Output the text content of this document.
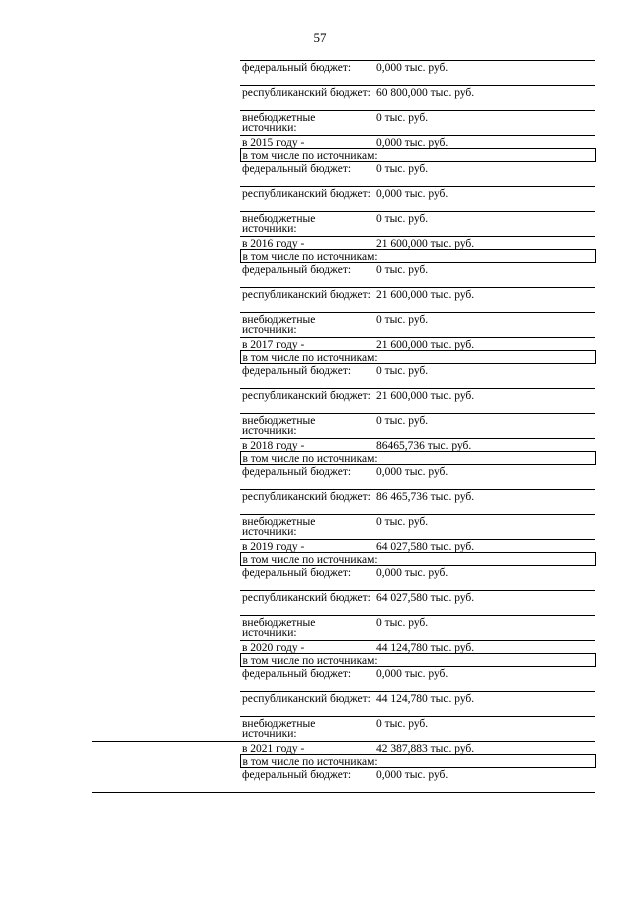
57
	федеральный бюджет:	0,000 тыс. руб.
	республиканский бюджет:	60 800,000 тыс. руб.
	внебюджетные источники:	0 тыс. руб.
	в 2015 году -	0,000 тыс. руб.
	в том числе по источникам:	
	федеральный бюджет:	0 тыс. руб.
	республиканский бюджет:	0,000 тыс. руб.
	внебюджетные источники:	0 тыс. руб.
	в 2016 году -	21 600,000 тыс. руб.
	в том числе по источникам:	
	федеральный бюджет:	0 тыс. руб.
	республиканский бюджет:	21 600,000 тыс. руб.
	внебюджетные источники:	0 тыс. руб.
	в 2017 году -	21 600,000 тыс. руб.
	в том числе по источникам:	
	федеральный бюджет:	0 тыс. руб.
	республиканский бюджет:	21 600,000 тыс. руб.
	внебюджетные источники:	0 тыс. руб.
	в 2018 году -	86465,736 тыс. руб.
	в том числе по источникам:	
	федеральный бюджет:	0,000 тыс. руб.
	республиканский бюджет:	86 465,736 тыс. руб.
	внебюджетные источники:	0 тыс. руб.
	в 2019 году -	64 027,580 тыс. руб.
	в том числе по источникам:	
	федеральный бюджет:	0,000 тыс. руб.
	республиканский бюджет:	64 027,580 тыс. руб.
	внебюджетные источники:	0 тыс. руб.
	в 2020 году -	44 124,780 тыс. руб.
	в том числе по источникам:	
	федеральный бюджет:	0,000 тыс. руб.
	республиканский бюджет:	44 124,780 тыс. руб.
	внебюджетные источники:	0 тыс. руб.
	в 2021 году -	42 387,883 тыс. руб.
	в том числе по источникам:	
	федеральный бюджет:	0,000 тыс. руб.
